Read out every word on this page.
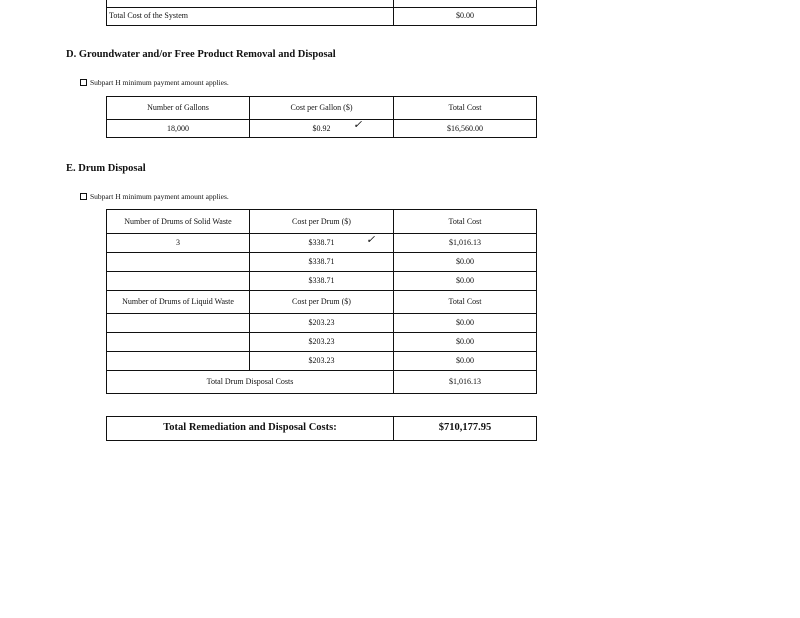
Total Cost of the System	$0.00
D. Groundwater and/or Free Product Removal and Disposal
Subpart H minimum payment amount applies.
Number of Gallons	Cost per Gallon ($)	Total Cost
18,000	$0.92	$16,560.00
✓
E. Drum Disposal
Subpart H minimum payment amount applies.
Number of Drums of Solid Waste	Cost per Drum ($)	Total Cost
3	$338.71	$1,016.13
	$338.71	$0.00
	$338.71	$0.00
Number of Drums of Liquid Waste	Cost per Drum ($)	Total Cost
	$203.23	$0.00
	$203.23	$0.00
	$203.23	$0.00
Total Drum Disposal Costs		$1,016.13
✓
Total Remediation and Disposal Costs:	$710,177.95
